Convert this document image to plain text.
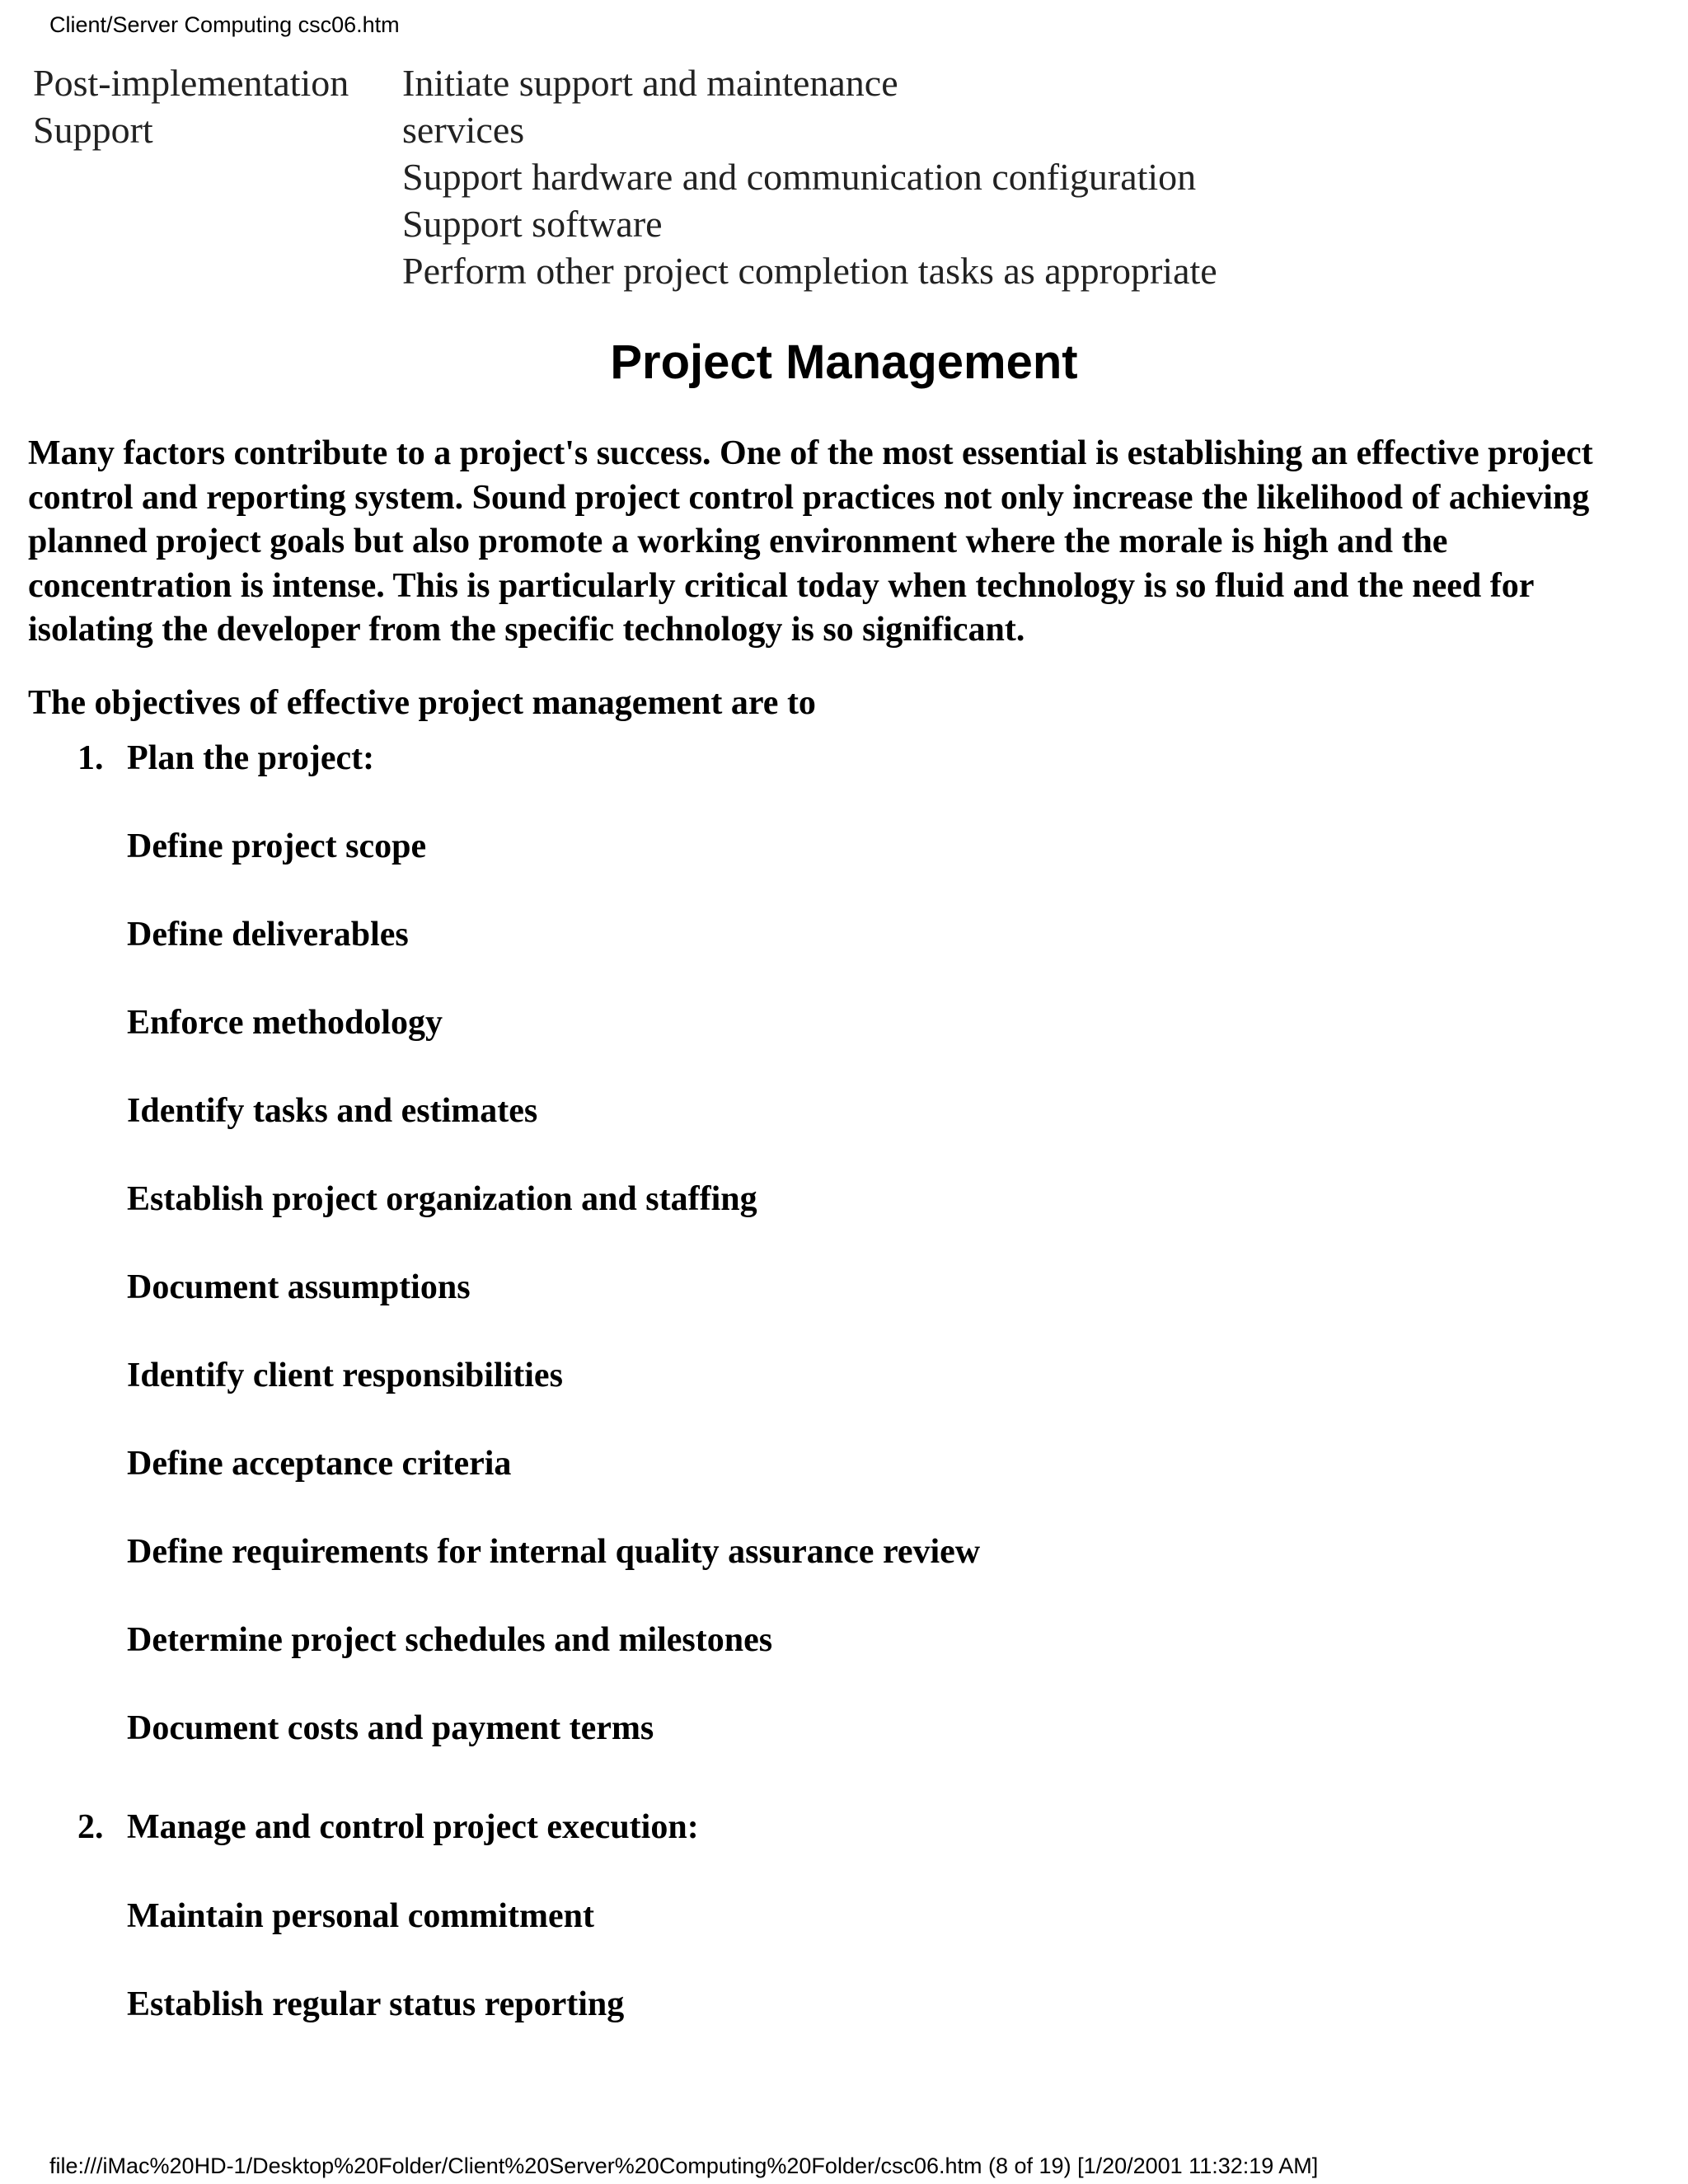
Client/Server Computing csc06.htm
Post-implementation Support
Initiate support and maintenance
services
Support hardware and communication configuration
Support software
Perform other project completion tasks as appropriate
Project Management

Many factors contribute to a project's success. One of the most essential is establishing an effective project control and reporting system. Sound project control practices not only increase the likelihood of achieving planned project goals but also promote a working environment where the morale is high and the concentration is intense. This is particularly critical today when technology is so fluid and the need for isolating the developer from the specific technology is so significant.

The objectives of effective project management are to

1. Plan the project:
Define project scope
Define deliverables
Enforce methodology
Identify tasks and estimates
Establish project organization and staffing
Document assumptions
Identify client responsibilities
Define acceptance criteria
Define requirements for internal quality assurance review
Determine project schedules and milestones
Document costs and payment terms
2. Manage and control project execution:
Maintain personal commitment
Establish regular status reporting
file:///iMac%20HD-1/Desktop%20Folder/Client%20Server%20Computing%20Folder/csc06.htm (8 of 19) [1/20/2001 11:32:19 AM]
